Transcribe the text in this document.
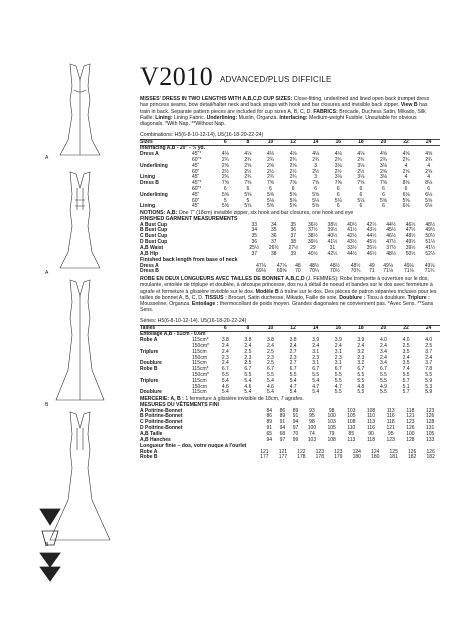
A
A
B
B
V2010 ADVANCED/PLUS DIFFICILE
MISSES' DRESS IN TWO LENGTHS WITH A,B,C,D CUP SIZES: Close-fitting, underlined and lined open back trumpet dress has princess seams, bow detail/halter neck and back straps with hook and bar closures and invisible back zipper. View B has train in back. Separate pattern pieces are included for cup sizes A, B, C, D. FABRICS: Brocade, Duchess Satin, Mikado, Silk Faille. Lining: Lining Fabric. Underlining: Muslin, Organza. Interfacing: Medium-weight Fusible. Unsuitable for obvious diagonals. *With Nap. **Without Nap.
Combinations: H5(6-8-10-12-14), U5(16-18-20-22-24)
Sizes		6	8	10	12	14	16	18	20	22	24
Interfacing A,B - 20" - ½ yd.											
Dress A	45"*	4⅛	4⅛	4⅛	4⅛	4⅛	4⅛	4⅛	4⅝	4⅝	4⅝
	60"*	2¾	2¾	2¾	2¾	2¾	2¾	2¾	2¾	2¾	2¾
Underlining	45"	2⅝	2⅝	2⅝	2⅝	3	3⅛	3⅛	3⅛	4	4
	60"	2½	2½	2½	2½	2½	2½	2½	2⅝	2⅝	2⅝
Lining	45"	2¾	2¾	2¾	2¾	3	3⅛	3⅛	3⅛	4	4
Dress B	45"*	7⅝	7⅝	7⅝	7⅝	7⅝	7⅝	7⅝	7⅝	8⅛	8⅛
	60"*	6	6	6	6	6	6	6	6	6	6
Underlining	45"	5⅝	5⅝	5⅝	5⅝	5⅝	6	6	6	6⅛	6⅛
	60"	5	5	5⅛	5⅛	5⅛	5⅛	5⅛	5⅝	5⅝	5⅝
Lining	45"	5⅝	5⅝	5⅝	5⅝	5⅝	6	6	6	6⅛	6⅛
NOTIONS: A,B: One 7" (18cm) invisible zipper, six hook and bar closures, one hook and eye
FINISHED GARMENT MEASUREMENTS
A Bust Cup	33	34	35	36½	38½	40½	42½	44½	46½	48½
B Bust Cup	34	35	36	37½	39½	41½	43½	45½	47½	49½
C Bust Cup	35	36	37	38½	40½	42½	44½	46½	48½	50½
D Bust Cup	36	37	38	39½	41½	43½	45½	47½	49½	51½
A,B Waist	25½	26½	27½	29	31	33½	35½	37½	39½	41½
A,B Hip	37	38	39	40½	42½	44½	46½	48½	50½	52½
Finished back length from base of neck
Dress A	47⅛	47⅛	48	48½	48½	48½	49	49⅛	49⅛	49⅛
Dress B	69⅛	69⅝	70	70¼	70½	70¾	71	71⅛	71⅛	71¾
ROBE EN DEUX LONGUEURS AVEC TAILLES DE BONNET A,B,C,D (J. FEMMES): Robe trompette à ouverture sur le dos, moulante, entoilée de tripluре et doublée, à découpe princesse, dos nu à détail de noeud et bandes sur le dos avec fermeture à agrafe et fermeture à glissière invisible sur le dos. Modèle B à traîne sur le dos. Des pièces de patron séparées incluses pour les tailles de bonnet A, B, C, D. TISSUS : Brocart, Satin duchesse, Mikado, Faille de soie. Doublure : Tissu à doublure. Triplure : Mousseline, Organza. Entoilage : thermocollant de poids moyen. Grandes diagonales ne conviennent pas. *Avec Sens. **Sans Sens.
Séries: H5(6-8-10-12-14), U5(16-18-20-22-24)
Tailles		6	8	10	12	14	16	18	20	22	24
Entoilage A,B - 51cm - 0.6m											
Robe A	115cm*	3.8	3.8	3.8	3.8	3.9	3.9	3.9	4.0	4.0	4.0
	150cm*	2.4	2.4	2.4	2.4	2.4	2.4	2.4	2.4	2.5	2.5
Triplure	115cm	2.4	2.5	2.5	2.7	3.1	3.1	3.2	3.4	3.5	3.7
	150cm	2.3	2.3	2.3	2.3	2.3	2.3	2.3	2.4	2.4	2.4
Doublure	115cm	2.4	2.5	2.5	2.7	3.1	3.1	3.2	3.4	3.5	3.7
Robe B	115cm*	6.7	6.7	6.7	6.7	6.7	6.7	6.7	6.7	7.4	7.8
	150cm*	5.5	5.5	5.5	5.5	5.5	5.5	5.5	5.5	5.5	5.5
Triplure	115cm	5.4	5.4	5.4	5.4	5.4	5.5	5.5	5.5	5.7	5.9
	150cm	4.6	4.6	4.6	4.7	4.7	4.7	4.8	4.9	5.1	5.3
Doublure	115cm	5.4	5.4	5.4	5.4	5.4	5.5	5.5	5.5	5.7	5.9
MERCERIE: A, B : 1 fermeture à glissière invisible de 18cm, 7 agrafes.
MESURES DU VÊTEMENTS FINI
A Poitrine-Bonnet	84	86	89	93	98	103	108	113	118	123
B Poitrine-Bonnet	86	89	91	95	100	105	110	116	121	126
C Poitrine-Bonnet	89	91	94	98	103	108	113	118	123	128
D Poitrine-Bonnet	91	94	97	100	105	110	116	121	126	131
A,B Taille	65	68	70	74	79	85	90	95	100	105
A,B Hanches	94	97	99	103	108	113	118	123	128	133
Longueur finie – dos, votre nuque à l'ourlet
Robe A	121	121	122	123	123	124	124	125	126	126
Robe B	177	177	178	178	179	180	180	181	182	182
